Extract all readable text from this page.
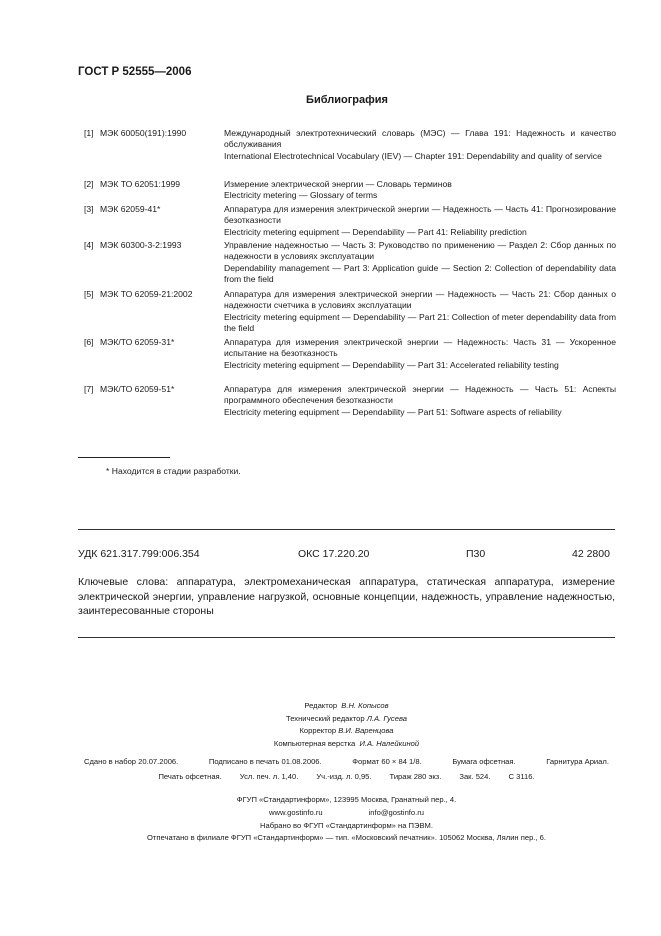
ГОСТ Р 52555—2006
Библиография
[1] МЭК 60050(191):1990	Международный электротехнический словарь (МЭС) — Глава 191: Надежность и качество обслуживания
International Electrotechnical Vocabulary (IEV) — Chapter 191: Dependability and quality of service
[2] МЭК ТО 62051:1999	Измерение электрической энергии — Словарь терминов
Electricity metering — Glossary of terms
[3] МЭК 62059-41*	Аппаратура для измерения электрической энергии — Надежность — Часть 41: Прогнозирование безотказности
Electricity metering equipment — Dependability — Part 41: Reliability prediction
[4] МЭК 60300-3-2:1993	Управление надежностью — Часть 3: Руководство по применению — Раздел 2: Сбор данных по надежности в условиях эксплуатации
Dependability management — Part 3: Application guide — Section 2: Collection of dependability data from the field
[5] МЭК ТО 62059-21:2002	Аппаратура для измерения электрической энергии — Надежность — Часть 21: Сбор данных о надежности счетчика в условиях эксплуатации
Electricity metering equipment — Dependability — Part 21: Collection of meter dependability data from the field
[6] МЭК/ТО 62059-31*	Аппаратура для измерения электрической энергии — Надежность: Часть 31 — Ускоренное испытание на безотказность
Electricity metering equipment — Dependability — Part 31: Accelerated reliability testing
[7] МЭК/ТО 62059-51*	Аппаратура для измерения электрической энергии — Надежность — Часть 51: Аспекты программного обеспечения безотказности
Electricity metering equipment — Dependability — Part 51: Software aspects of reliability
* Находится в стадии разработки.
УДК 621.317.799:006.354	ОКС 17.220.20	П30	42 2800
Ключевые слова: аппаратура, электромеханическая аппаратура, статическая аппаратура, измерение электрической энергии, управление нагрузкой, основные концепции, надежность, управление надежностью, заинтересованные стороны
Редактор В.Н. Копысов
Технический редактор Л.А. Гусева
Корректор В.И. Варенцова
Компьютерная верстка И.А. Налейкиной
Сдано в набор 20.07.2006.	Подписано в печать 01.08.2006.	Формат 60 × 84 1/8.	Бумага офсетная.	Гарнитура Ариал.
Печать офсетная. Усл. печ. л. 1,40. Уч.-изд. л. 0,95. Тираж 280 экз. Зак. 524. С 3116.
ФГУП «Стандартинформ», 123995 Москва, Гранатный пер., 4.
www.gostinfo.ru	info@gostinfo.ru
Набрано во ФГУП «Стандартинформ» на ПЭВМ.
Отпечатано в филиале ФГУП «Стандартинформ» — тип. «Московский печатник». 105062 Москва, Лялин пер., 6.
